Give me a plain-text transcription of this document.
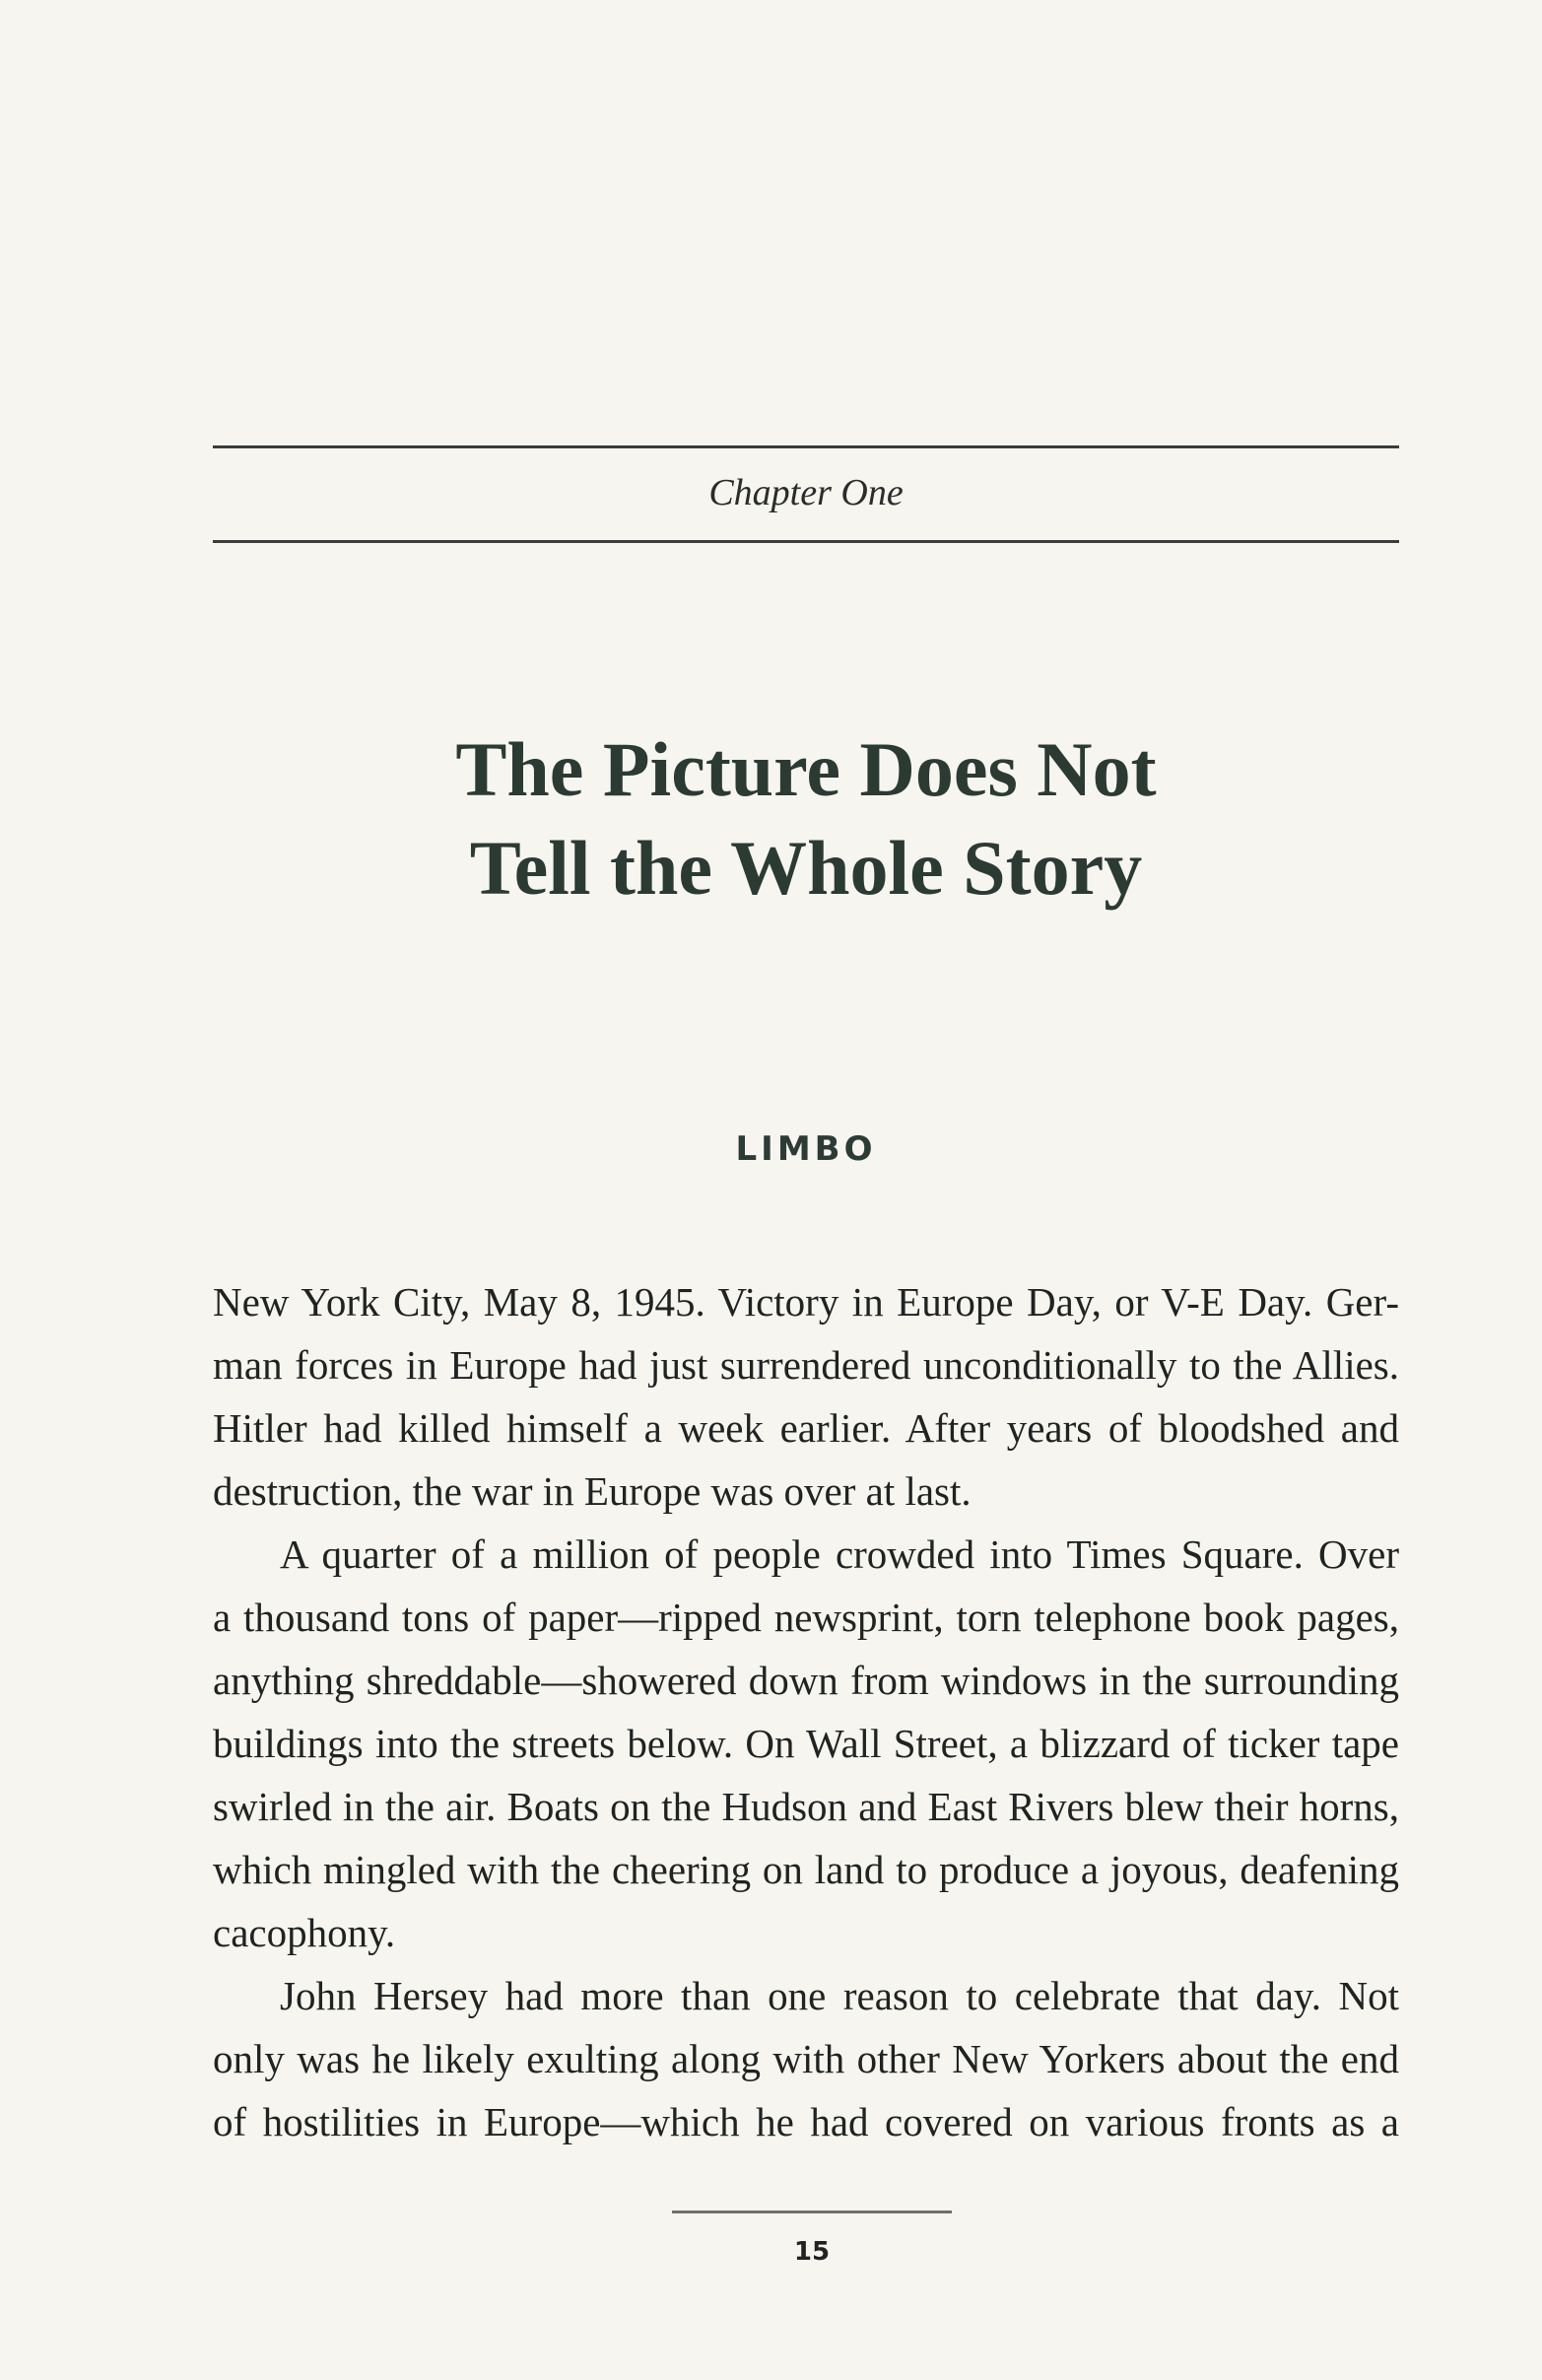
Chapter One
The Picture Does Not
Tell the Whole Story
LIMBO
New York City, May 8, 1945. Victory in Europe Day, or V-E Day. Ger-
man forces in Europe had just surrendered unconditionally to the Allies.
Hitler had killed himself a week earlier. After years of bloodshed and
destruction, the war in Europe was over at last.
A quarter of a million of people crowded into Times Square. Over
a thousand tons of paper—ripped newsprint, torn telephone book pages,
anything shreddable—showered down from windows in the surrounding
buildings into the streets below. On Wall Street, a blizzard of ticker tape
swirled in the air. Boats on the Hudson and East Rivers blew their horns,
which mingled with the cheering on land to produce a joyous, deafening
cacophony.
John Hersey had more than one reason to celebrate that day. Not
only was he likely exulting along with other New Yorkers about the end
of hostilities in Europe—which he had covered on various fronts as a
15
